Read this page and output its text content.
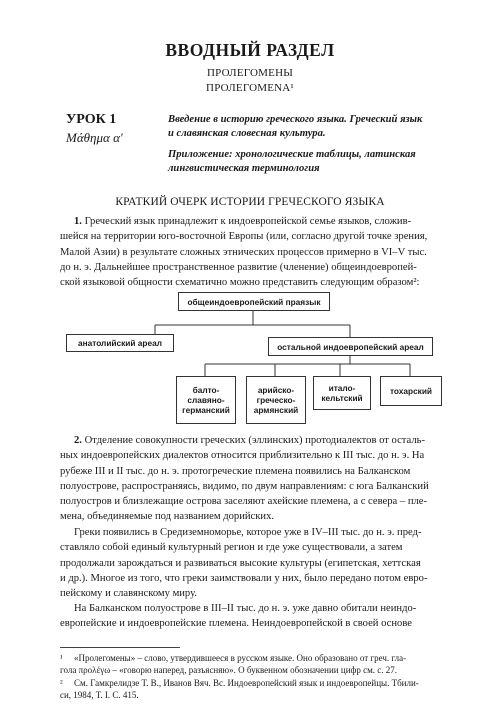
ВВОДНЫЙ РАЗДЕЛ
ПРОЛЕГОМЕНЫ
ПРОЛЕГОМЕNA¹
УРОК 1
Μάθημα α'
Введение в историю греческого языка. Греческий язык
и славянская словесная культура.
Приложение: хронологические таблицы, латинская
лингвистическая терминология
КРАТКИЙ ОЧЕРК ИСТОРИИ ГРЕЧЕСКОГО ЯЗЫКА
1. Греческий язык принадлежит к индоевропейской семье языков, сложив-
шейся на территории юго-восточной Европы (или, согласно другой точке зрения,
Малой Азии) в результате сложных этнических процессов примерно в VI–V тыс.
до н. э. Дальнейшее пространственное развитие (членение) общеиндоевропей-
ской языковой общности схематично можно представить следующим образом²:
общеиндоевропейский праязык
анатолийский ареал	остальной индоевропейский ареал
балто-
славяно-
германский
арийско-
греческо-
армянский
итало-
кельтский
тохарский
2. Отделение совокупности греческих (эллинских) протодиалектов от осталь-
ных индоевропейских диалектов относится приблизительно к III тыс. до н. э. На
рубеже III и II тыс. до н. э. протогреческие племена появились на Балканском
полуострове, распространяясь, видимо, по двум направлениям: с юга Балканский
полуостров и близлежащие острова заселяют ахейские племена, а с севера – пле-
мена, объединяемые под названием дорийских.
Греки появились в Средиземноморье, которое уже в IV–III тыс. до н. э. пред-
ставляло собой единый культурный регион и где уже существовали, а затем
продолжали зарождаться и развиваться высокие культуры (египетская, хеттская
и др.). Многое из того, что греки заимствовали у них, было передано потом евро-
пейскому и славянскому миру.
На Балканском полуострове в III–II тыс. до н. э. уже давно обитали неиндо-
европейские и индоевропейские племена. Неиндоевропейской в своей основе
¹ «Пролегомены» – слово, утвердившееся в русском языке. Оно образовано от греч. гла-
гола προλέγω – «говорю наперед, разъясняю». О буквенном обозначении цифр см. с. 27.
² См. Гамкрелидзе Т. В., Иванов Вяч. Вс. Индоевропейский язык и индоевропейцы. Тбили-
си, 1984, Т. I. С. 415.
